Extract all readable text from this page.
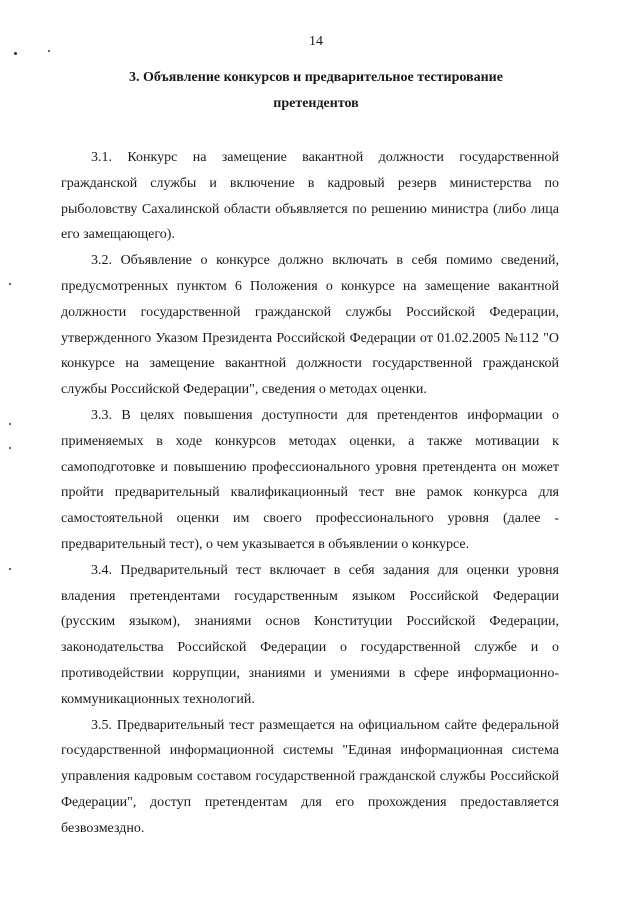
14
3. Объявление конкурсов и предварительное тестирование
претендентов

3.1. Конкурс на замещение вакантной должности государственной гражданской службы и включение в кадровый резерв министерства по рыболовству Сахалинской области объявляется по решению министра (либо лица его замещающего).

3.2. Объявление о конкурсе должно включать в себя помимо сведений, предусмотренных пунктом 6 Положения о конкурсе на замещение вакантной должности государственной гражданской службы Российской Федерации, утвержденного Указом Президента Российской Федерации от 01.02.2005 №112 "О конкурсе на замещение вакантной должности государственной гражданской службы Российской Федерации", сведения о методах оценки.

3.3. В целях повышения доступности для претендентов информации о применяемых в ходе конкурсов методах оценки, а также мотивации к самоподготовке и повышению профессионального уровня претендента он может пройти предварительный квалификационный тест вне рамок конкурса для самостоятельной оценки им своего профессионального уровня (далее - предварительный тест), о чем указывается в объявлении о конкурсе.

3.4. Предварительный тест включает в себя задания для оценки уровня владения претендентами государственным языком Российской Федерации (русским языком), знаниями основ Конституции Российской Федерации, законодательства Российской Федерации о государственной службе и о противодействии коррупции, знаниями и умениями в сфере информационно-коммуникационных технологий.

3.5. Предварительный тест размещается на официальном сайте федеральной государственной информационной системы "Единая информационная система управления кадровым составом государственной гражданской службы Российской Федерации", доступ претендентам для его прохождения предоставляется безвозмездно.
